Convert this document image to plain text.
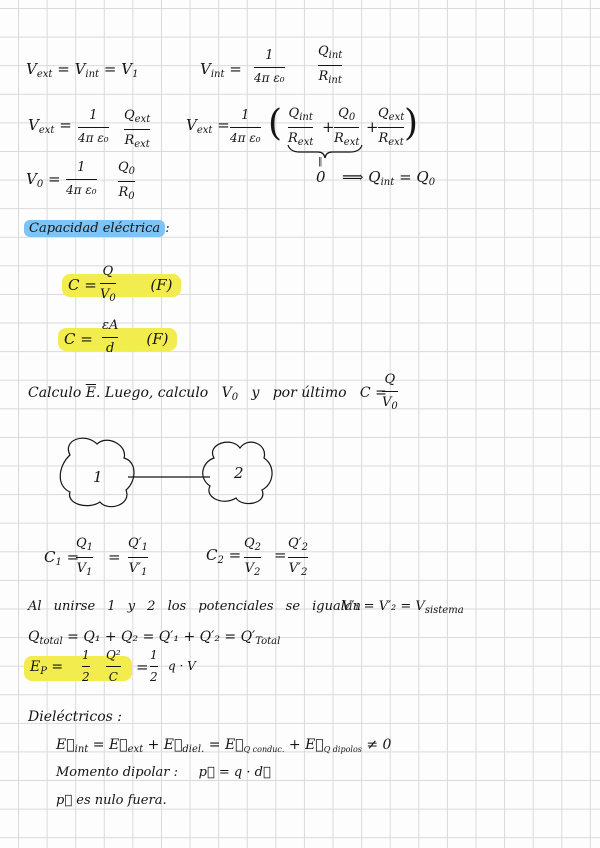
$V_{ext} = V_{int} = V_1$	$V_{int}$ =
1
4π ε₀
$Q_{int}$
$R_{int}$
$V_{ext}$ =
1
4π ε₀
$Q_{ext}$
$R_{ext}$
$V_{ext}$ =
1
4π ε₀ ( $Q_{int}$
$R_{ext}$
+
$Q_0$
$R_{ext}$
+
$Q_{ext}$
$R_{ext}$ )
$V_0$ =
1
4π ε₀
$Q_0$
$R_0$
‖
0 ⟹ $Q_{int} = Q_0$
Capacidad eléctrica :
C =	(F)
Q
$V_0$
C =	(F)
εA
d
Calculo $\overline{E}$. Luego, calculo $V_0$ y por último C =
Q
$V_0$
1	2
$C_1$ =
$Q_1$
$V_1$
=
$Q'_1$
$V'_1$
$C_2$ =
$Q_2$
$V_2$
=
$Q'_2$
$V'_2$
Al unirse 1 y 2 los potenciales se igualan
$V'_1 = V'_2 = V_{sistema}$
$Q_{total} = Q_1 + Q_2 = Q'_1 + Q'_2 = Q'_{Total}$
$E_P$ =
1
2
Q²
C
=
1
2
q · V
Dieléctricos :
$E⃗_{int}$ = $E⃗_{ext}$ + $E⃗_{diel.}$ = $E⃗_{Q conduc.}$ + $E⃗_{Q dipolos} \ne 0$
Momento dipolar : p⃗ = q · d⃗
p⃗ es nulo fuera.
